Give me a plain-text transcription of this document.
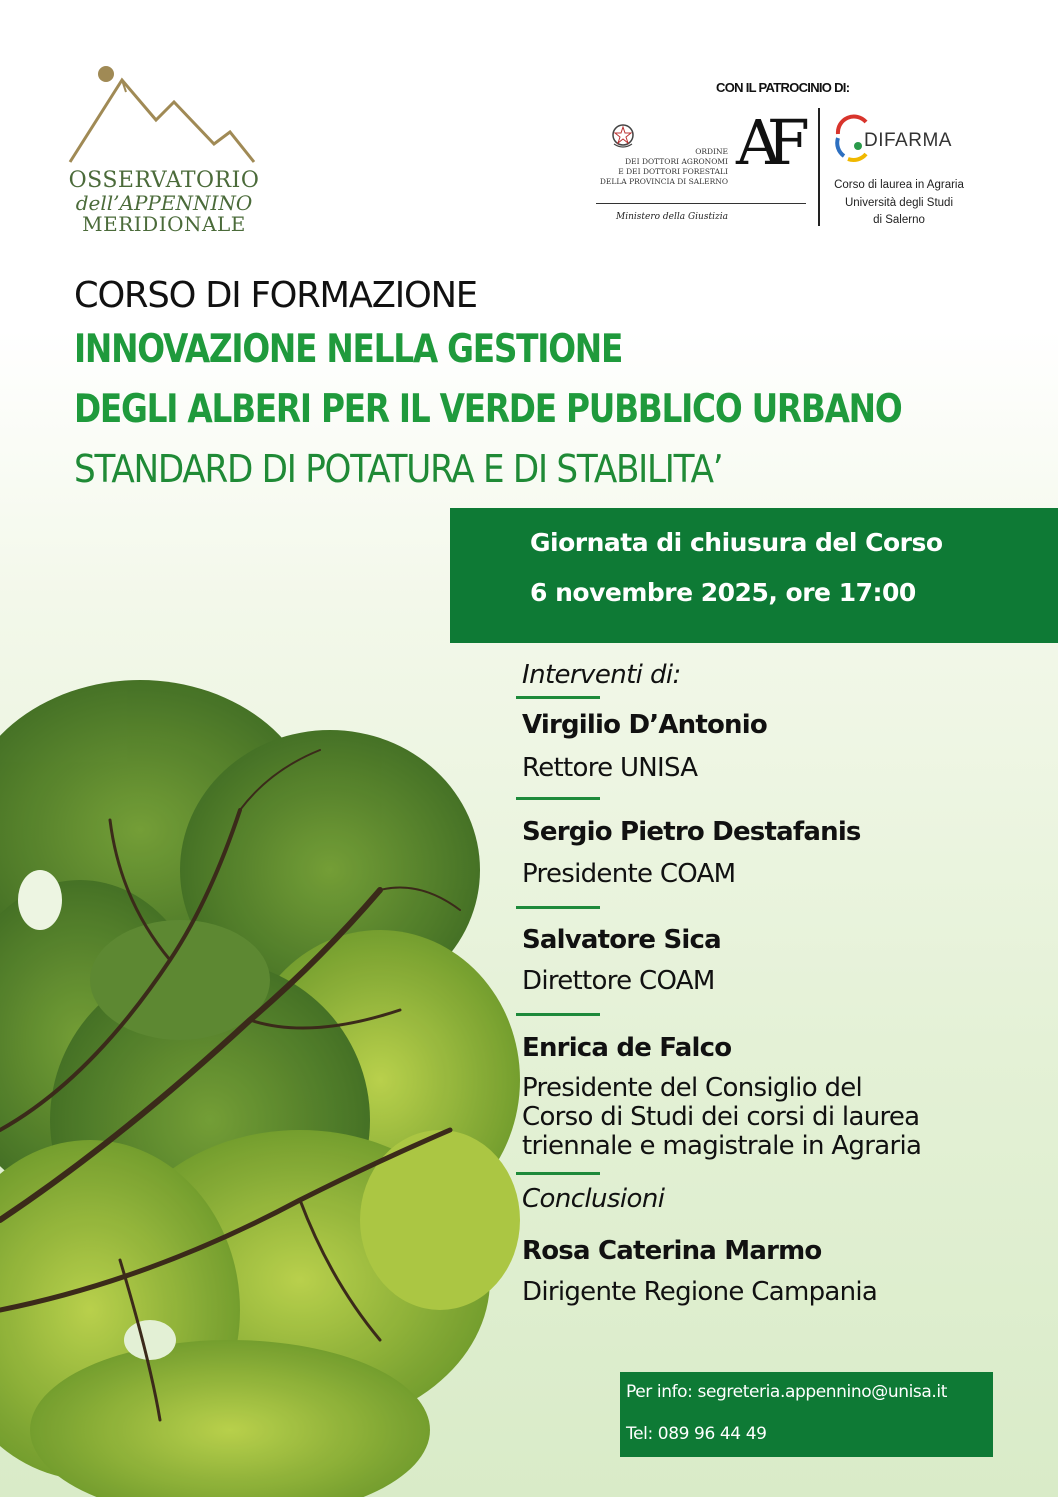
OSSERVATORIO
dell’APPENNINO
MERIDIONALE
CON IL PATROCINIO DI:
ORDINE
DEI DOTTORI AGRONOMI
E DEI DOTTORI FORESTALI
DELLA PROVINCIA DI SALERNO
AF
Ministero della Giustizia
DIFARMA
Corso di laurea in Agraria
Università degli Studi
di Salerno
CORSO DI FORMAZIONE
INNOVAZIONE NELLA GESTIONE
DEGLI ALBERI PER IL VERDE PUBBLICO URBANO
STANDARD DI POTATURA E DI STABILITA’
Giornata di chiusura del Corso
6 novembre 2025, ore 17:00
Interventi di:
Virgilio D’Antonio
Rettore UNISA
Sergio Pietro Destafanis
Presidente COAM
Salvatore Sica
Direttore COAM
Enrica de Falco
Presidente del Consiglio del
Corso di Studi dei corsi di laurea
triennale e magistrale in Agraria
Conclusioni
Rosa Caterina Marmo
Dirigente Regione Campania
Per info: segreteria.appennino@unisa.it
Tel: 089 96 44 49
